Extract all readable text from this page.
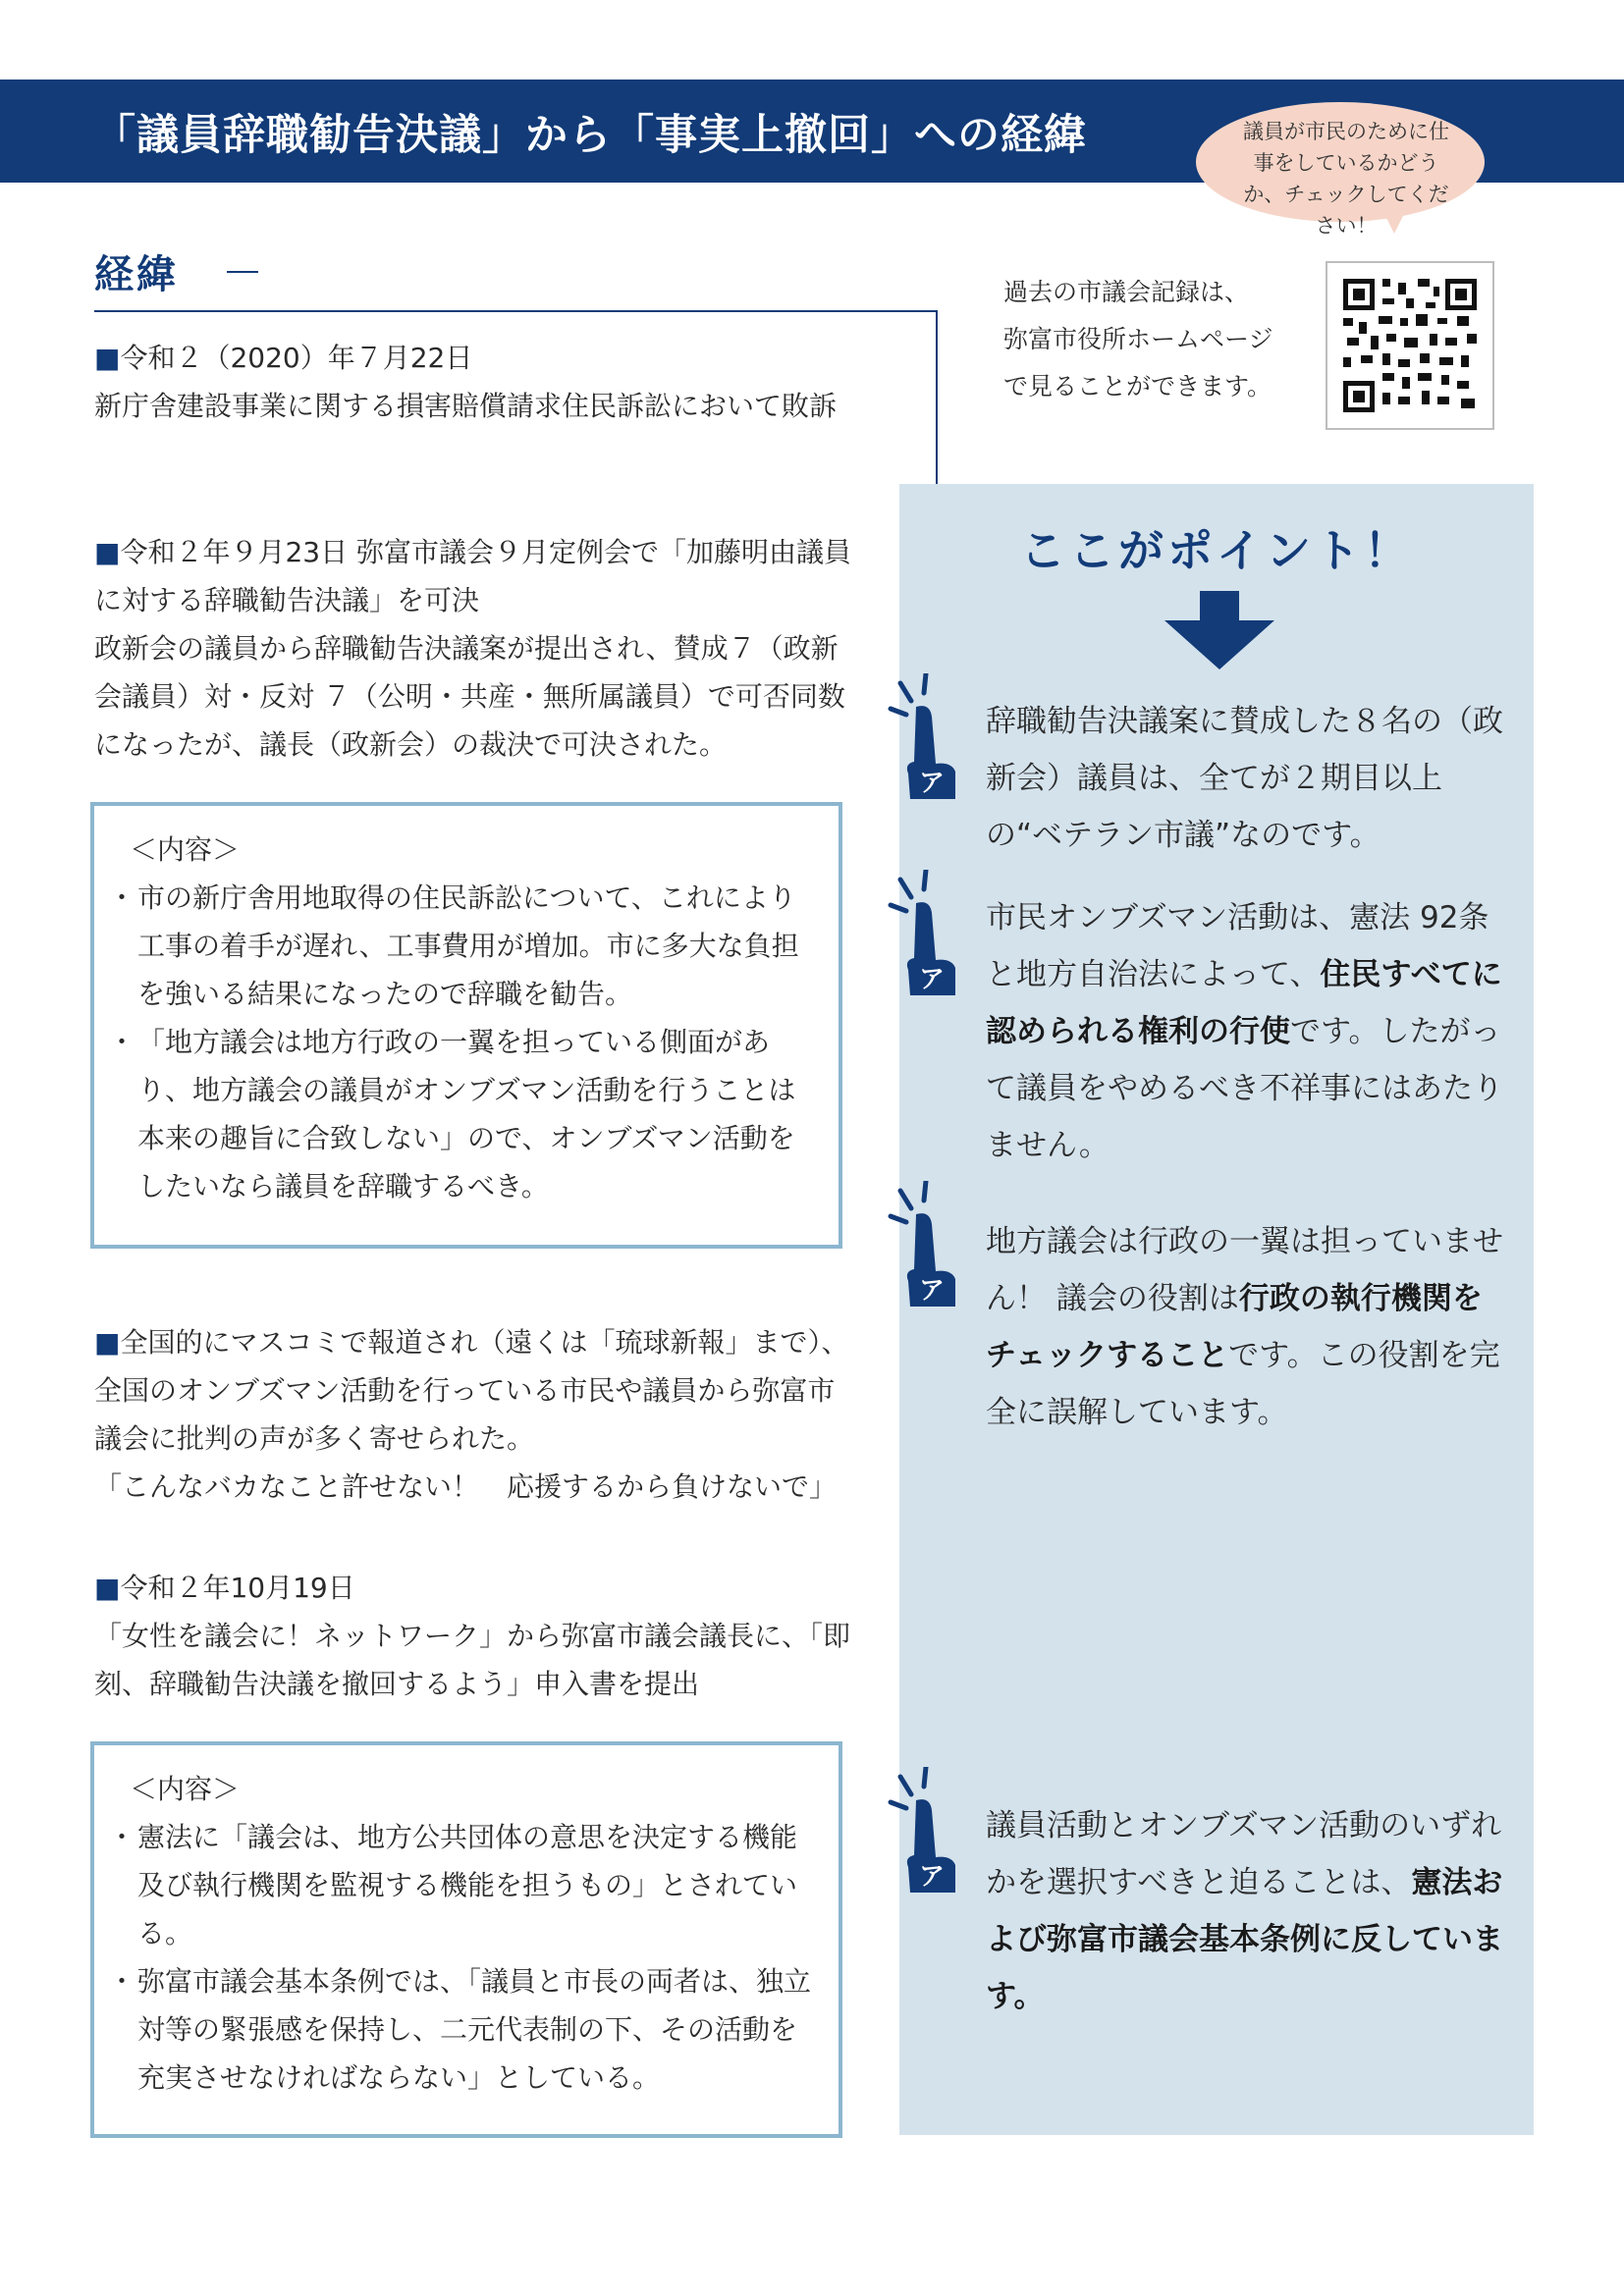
「議員辞職勧告決議」から「事実上撤回」への経緯	議員が市民のために仕事をしているかどうか、チェックしてください！
経緯	過去の市議会記録は、
弥富市役所ホームページ
で見ることができます。
■令和２（2020）年７月22日
新庁舎建設事業に関する損害賠償請求住民訴訟において敗訴
■令和２年９月23日 弥富市議会９月定例会で「加藤明由議員に対する辞職勧告決議」を可決
政新会の議員から辞職勧告決議案が提出され、賛成７（政新会議員）対・反対 ７（公明・共産・無所属議員）で可否同数になったが、議長（政新会）の裁決で可決された。
＜内容＞
・ 市の新庁舎用地取得の住民訴訟について、これにより工事の着手が遅れ、工事費用が増加。市に多大な負担を強いる結果になったので辞職を勧告。
・ 「地方議会は地方行政の一翼を担っている側面があり、地方議会の議員がオンブズマン活動を行うことは本来の趣旨に合致しない」ので、オンブズマン活動をしたいなら議員を辞職するべき。
■全国的にマスコミで報道され（遠くは「琉球新報」まで）、全国のオンブズマン活動を行っている市民や議員から弥富市議会に批判の声が多く寄せられた。
「こんなバカなこと許せない！　応援するから負けないで」
■令和２年10月19日
「女性を議会に！ネットワーク」から弥富市議会議長に、「即刻、辞職勧告決議を撤回するよう」申入書を提出
＜内容＞
・ 憲法に「議会は、地方公共団体の意思を決定する機能及び執行機関を監視する機能を担うもの」とされている。
・ 弥富市議会基本条例では、「議員と市長の両者は、独立対等の緊張感を保持し、二元代表制の下、その活動を充実させなければならない」としている。
ここがポイント！
ア
辞職勧告決議案に賛成した８名の（政新会）議員は、全てが２期目以上の“ベテラン市議”なのです。
ア
市民オンブズマン活動は、憲法 92条と地方自治法によって、住民すべてに認められる権利の行使です。したがって議員をやめるべき不祥事にはあたりません。
ア
地方議会は行政の一翼は担っていません！ 議会の役割は行政の執行機関をチェックすることです。この役割を完全に誤解しています。
ア
議員活動とオンブズマン活動のいずれかを選択すべきと迫ることは、憲法および弥富市議会基本条例に反しています。
